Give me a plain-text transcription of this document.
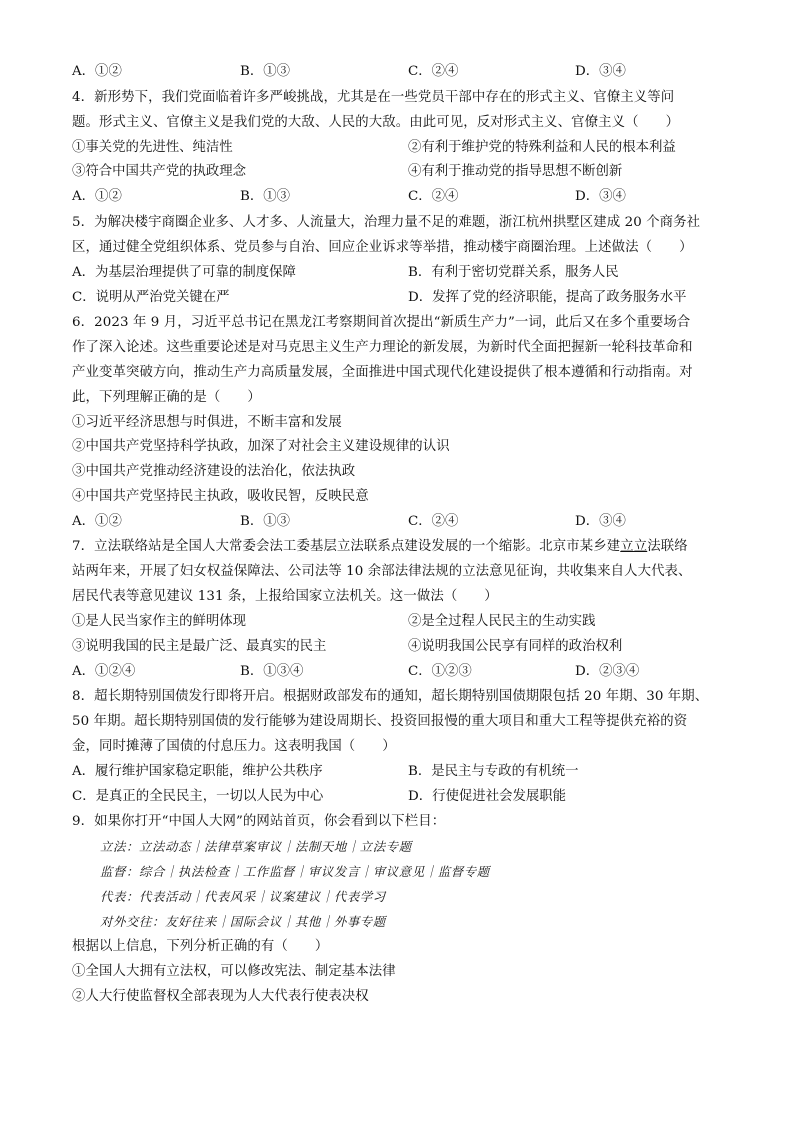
A．①②	B．①③	C．②④	D．③④
4．新形势下，我们党面临着许多严峻挑战，尤其是在一些党员干部中存在的形式主义、官僚主义等问
题。形式主义、官僚主义是我们党的大敌、人民的大敌。由此可见，反对形式主义、官僚主义（　　）
①事关党的先进性、纯洁性	②有利于维护党的特殊利益和人民的根本利益
③符合中国共产党的执政理念	④有利于推动党的指导思想不断创新
A．①②	B．①③	C．②④	D．③④
5．为解决楼宇商圈企业多、人才多、人流量大，治理力量不足的难题，浙江杭州拱墅区建成 20 个商务社
区，通过健全党组织体系、党员参与自治、回应企业诉求等举措，推动楼宇商圈治理。上述做法（　　）
A．为基层治理提供了可靠的制度保障	B．有利于密切党群关系，服务人民
C．说明从严治党关键在严	D．发挥了党的经济职能，提高了政务服务水平
6．2023 年 9 月，习近平总书记在黑龙江考察期间首次提出“新质生产力”一词，此后又在多个重要场合
作了深入论述。这些重要论述是对马克思主义生产力理论的新发展，为新时代全面把握新一轮科技革命和
产业变革突破方向，推动生产力高质量发展，全面推进中国式现代化建设提供了根本遵循和行动指南。对
此，下列理解正确的是（　　）
①习近平经济思想与时俱进，不断丰富和发展
②中国共产党坚持科学执政，加深了对社会主义建设规律的认识
③中国共产党推动经济建设的法治化，依法执政
④中国共产党坚持民主执政，吸收民智，反映民意
A．①②	B．①③	C．②④	D．③④
7．立法联络站是全国人大常委会法工委基层立法联系点建设发展的一个缩影。北京市某乡建立立法联络
站两年来，开展了妇女权益保障法、公司法等 10 余部法律法规的立法意见征询，共收集来自人大代表、
居民代表等意见建议 131 条，上报给国家立法机关。这一做法（　　）
①是人民当家作主的鲜明体现	②是全过程人民民主的生动实践
③说明我国的民主是最广泛、最真实的民主	④说明我国公民享有同样的政治权利
A．①②④	B．①③④	C．①②③	D．②③④
8．超长期特别国债发行即将开启。根据财政部发布的通知，超长期特别国债期限包括 20 年期、30 年期、
50 年期。超长期特别国债的发行能够为建设周期长、投资回报慢的重大项目和重大工程等提供充裕的资
金，同时摊薄了国债的付息压力。这表明我国（　　）
A．履行维护国家稳定职能，维护公共秩序	B．是民主与专政的有机统一
C．是真正的全民民主，一切以人民为中心	D．行使促进社会发展职能
9．如果你打开“中国人大网”的网站首页，你会看到以下栏目：
立法：立法动态｜法律草案审议｜法制天地｜立法专题
监督：综合｜执法检查｜工作监督｜审议发言｜审议意见｜监督专题
代表：代表活动｜代表风采｜议案建议｜代表学习
对外交往：友好往来｜国际会议｜其他｜外事专题
根据以上信息，下列分析正确的有（　　）
①全国人大拥有立法权，可以修改宪法、制定基本法律
②人大行使监督权全部表现为人大代表行使表决权
